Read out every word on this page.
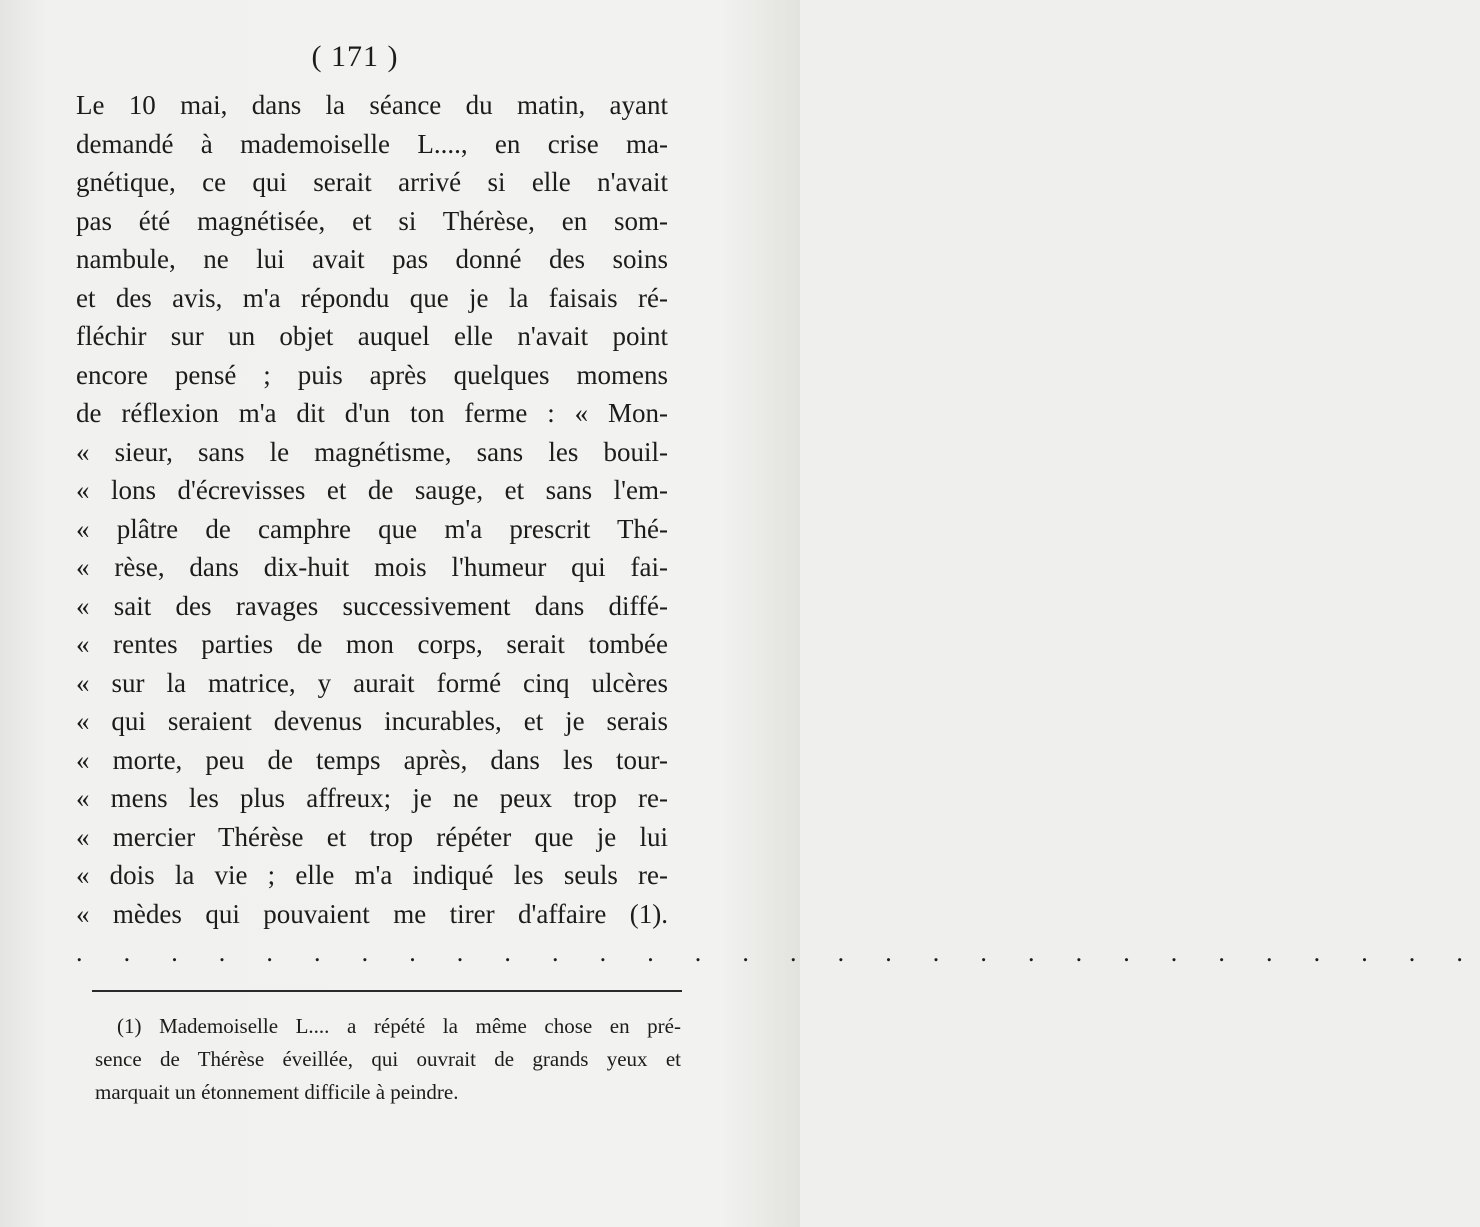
( 171 )
Le 10 mai, dans la séance du matin, ayant
demandé à mademoiselle L...., en crise ma-
gnétique, ce qui serait arrivé si elle n'avait
pas été magnétisée, et si Thérèse, en som-
nambule, ne lui avait pas donné des soins
et des avis, m'a répondu que je la faisais ré-
fléchir sur un objet auquel elle n'avait point
encore pensé ; puis après quelques momens
de réflexion m'a dit d'un ton ferme : « Mon-
« sieur, sans le magnétisme, sans les bouil-
« lons d'écrevisses et de sauge, et sans l'em-
« plâtre de camphre que m'a prescrit Thé-
« rèse, dans dix-huit mois l'humeur qui fai-
« sait des ravages successivement dans diffé-
« rentes parties de mon corps, serait tombée
« sur la matrice, y aurait formé cinq ulcères
« qui seraient devenus incurables, et je serais
« morte, peu de temps après, dans les tour-
« mens les plus affreux; je ne peux trop re-
« mercier Thérèse et trop répéter que je lui
« dois la vie ; elle m'a indiqué les seuls re-
« mèdes qui pouvaient me tirer d'affaire (1).
. . . . . . . . . . . . . . . . . . . . . . . . . . . . . .
(1) Mademoiselle L.... a répété la même chose en pré-
sence de Thérèse éveillée, qui ouvrait de grands yeux et
marquait un étonnement difficile à peindre.
